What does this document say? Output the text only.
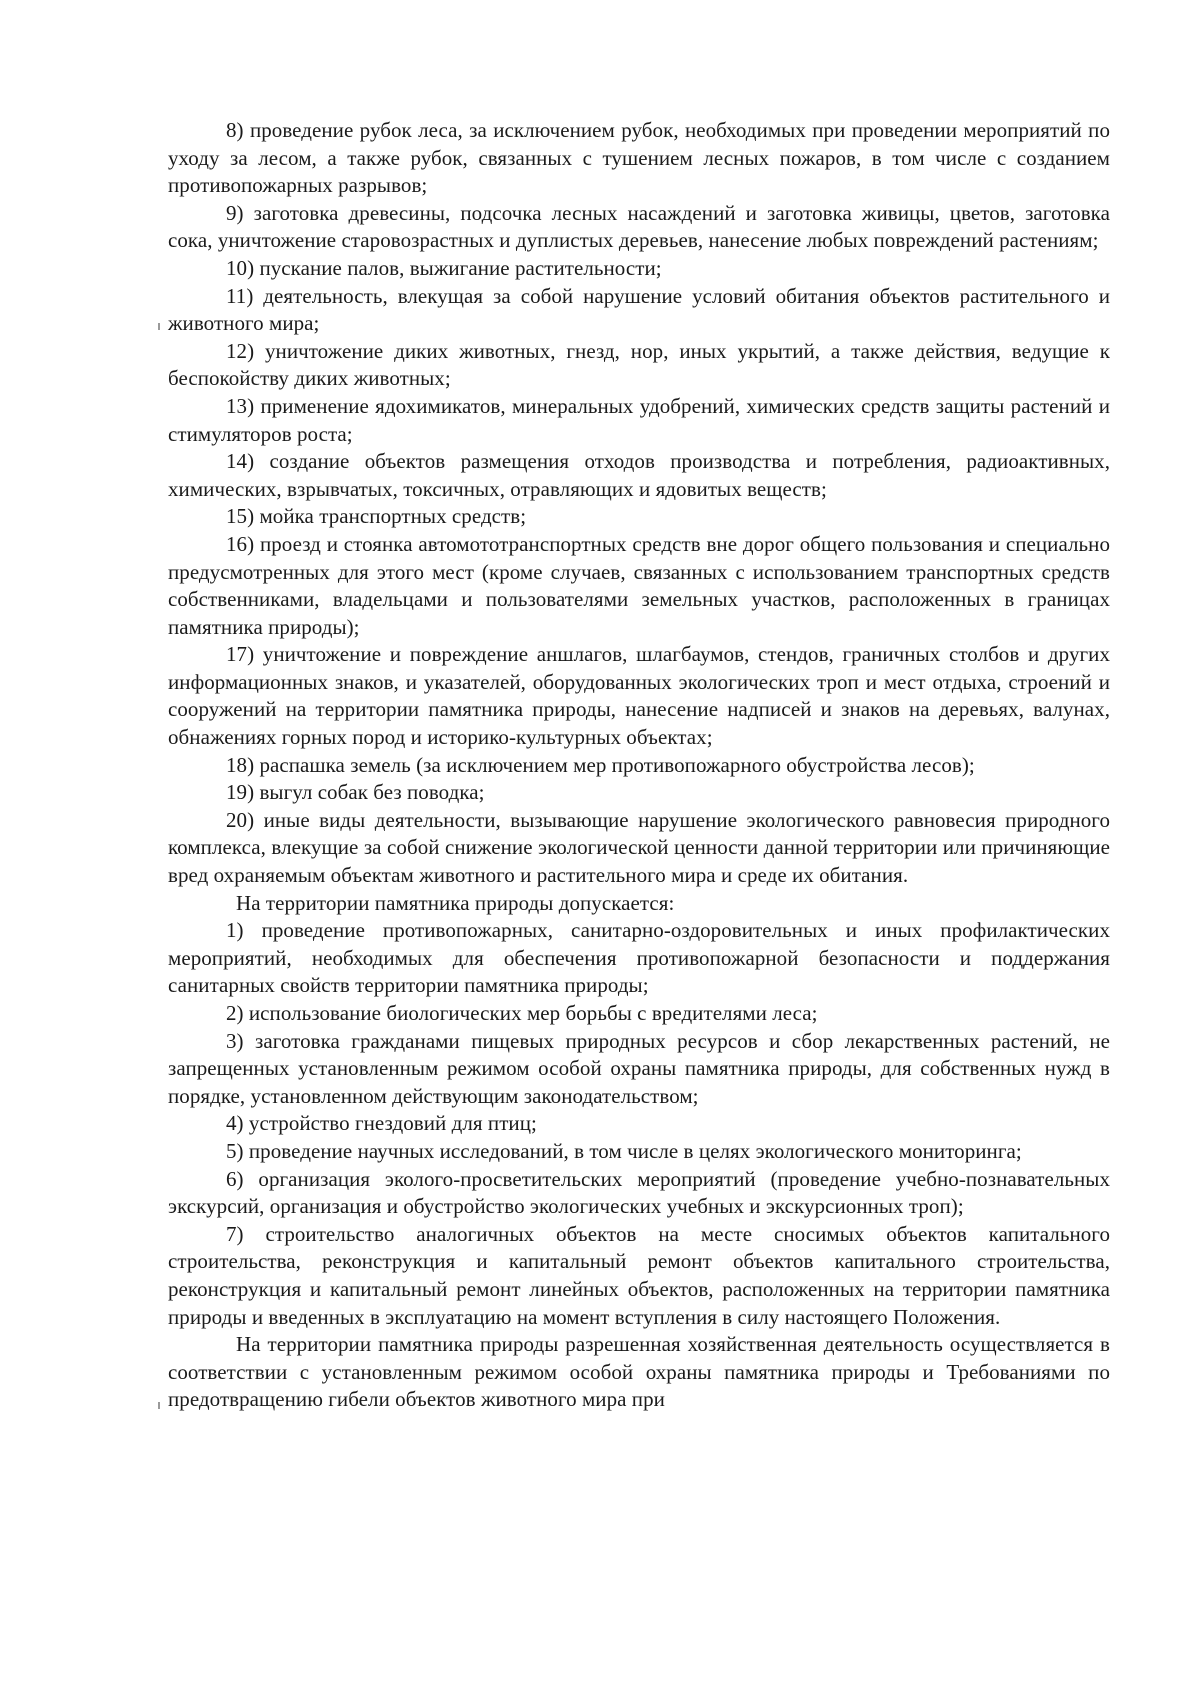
8) проведение рубок леса, за исключением рубок, необходимых при проведении мероприятий по уходу за лесом, а также рубок, связанных с тушением лесных пожаров, в том числе с созданием противопожарных разрывов;

9) заготовка древесины, подсочка лесных насаждений и заготовка живицы, цветов, заготовка сока, уничтожение старовозрастных и дуплистых деревьев, нанесение любых повреждений растениям;

10) пускание палов, выжигание растительности;

11) деятельность, влекущая за собой нарушение условий обитания объектов растительного и животного мира;

12) уничтожение диких животных, гнезд, нор, иных укрытий, а также действия, ведущие к беспокойству диких животных;

13) применение ядохимикатов, минеральных удобрений, химических средств защиты растений и стимуляторов роста;

14) создание объектов размещения отходов производства и потребления, радиоактивных, химических, взрывчатых, токсичных, отравляющих и ядовитых веществ;

15) мойка транспортных средств;

16) проезд и стоянка автомототранспортных средств вне дорог общего пользования и специально предусмотренных для этого мест (кроме случаев, связанных с использованием транспортных средств собственниками, владельцами и пользователями земельных участков, расположенных в границах памятника природы);

17) уничтожение и повреждение аншлагов, шлагбаумов, стендов, граничных столбов и других информационных знаков, и указателей, оборудованных экологических троп и мест отдыха, строений и сооружений на территории памятника природы, нанесение надписей и знаков на деревьях, валунах, обнажениях горных пород и историко-культурных объектах;

18) распашка земель (за исключением мер противопожарного обустройства лесов);

19) выгул собак без поводка;

20) иные виды деятельности, вызывающие нарушение экологического равновесия природного комплекса, влекущие за собой снижение экологической ценности данной территории или причиняющие вред охраняемым объектам животного и растительного мира и среде их обитания.

На территории памятника природы допускается:

1) проведение противопожарных, санитарно-оздоровительных и иных профилактических мероприятий, необходимых для обеспечения противопожарной безопасности и поддержания санитарных свойств территории памятника природы;

2) использование биологических мер борьбы с вредителями леса;

3) заготовка гражданами пищевых природных ресурсов и сбор лекарственных растений, не запрещенных установленным режимом особой охраны памятника природы, для собственных нужд в порядке, установленном действующим законодательством;

4) устройство гнездовий для птиц;

5) проведение научных исследований, в том числе в целях экологического мониторинга;

6) организация эколого-просветительских мероприятий (проведение учебно-познавательных экскурсий, организация и обустройство экологических учебных и экскурсионных троп);

7) строительство аналогичных объектов на месте сносимых объектов капитального строительства, реконструкция и капитальный ремонт объектов капитального строительства, реконструкция и капитальный ремонт линейных объектов, расположенных на территории памятника природы и введенных в эксплуатацию на момент вступления в силу настоящего Положения.

На территории памятника природы разрешенная хозяйственная деятельность осуществляется в соответствии с установленным режимом особой охраны памятника природы и Требованиями по предотвращению гибели объектов животного мира при
